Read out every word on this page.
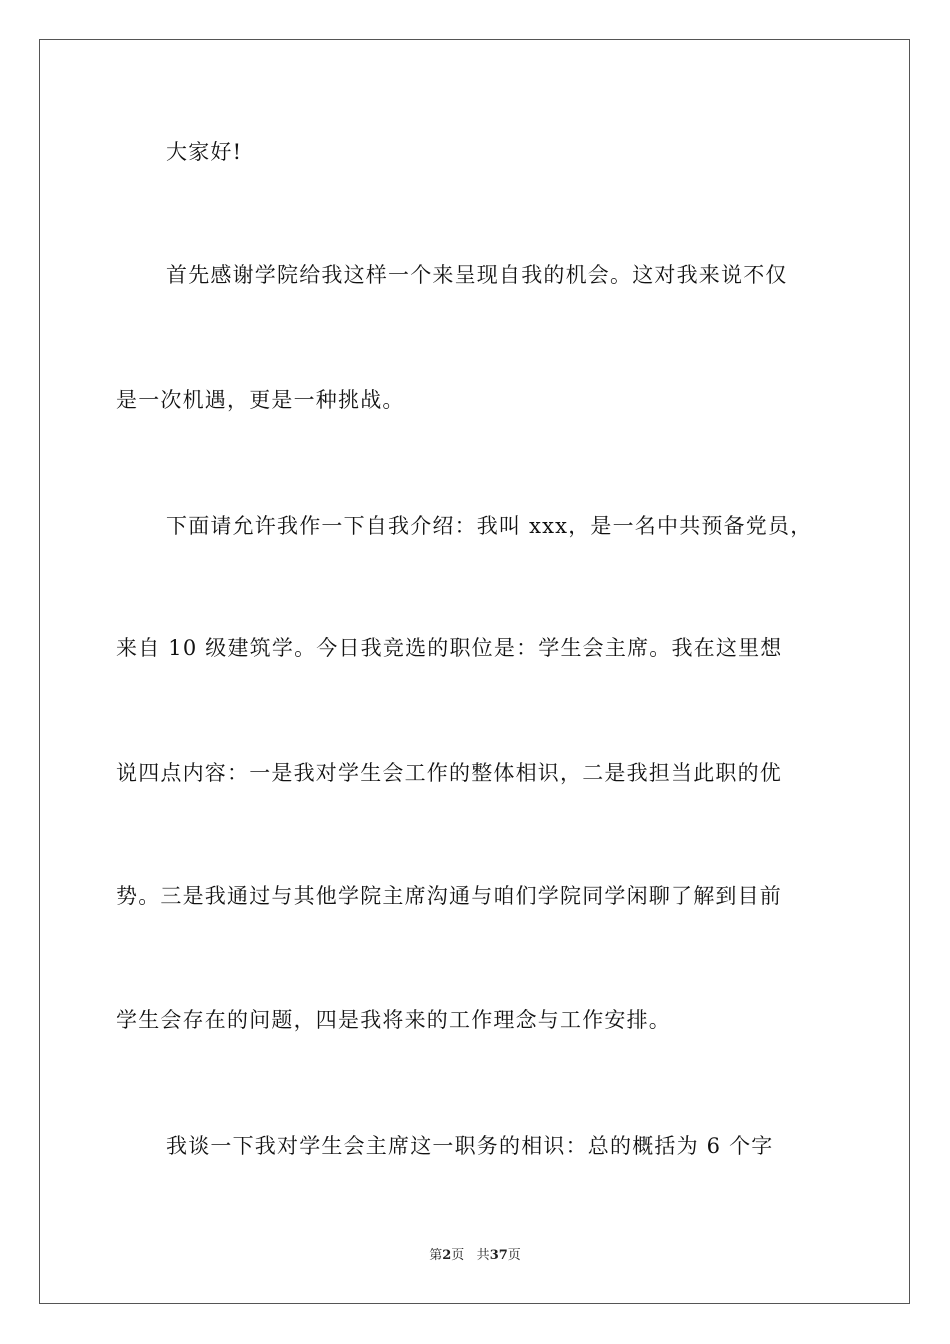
大家好!
首先感谢学院给我这样一个来呈现自我的机会。这对我来说不仅
是一次机遇，更是一种挑战。
下面请允许我作一下自我介绍：我叫 xxx，是一名中共预备党员，
来自 10 级建筑学。今日我竞选的职位是：学生会主席。我在这里想
说四点内容：一是我对学生会工作的整体相识，二是我担当此职的优
势。三是我通过与其他学院主席沟通与咱们学院同学闲聊了解到目前
学生会存在的问题，四是我将来的工作理念与工作安排。
我谈一下我对学生会主席这一职务的相识：总的概括为 6 个字
第2页 共37页
